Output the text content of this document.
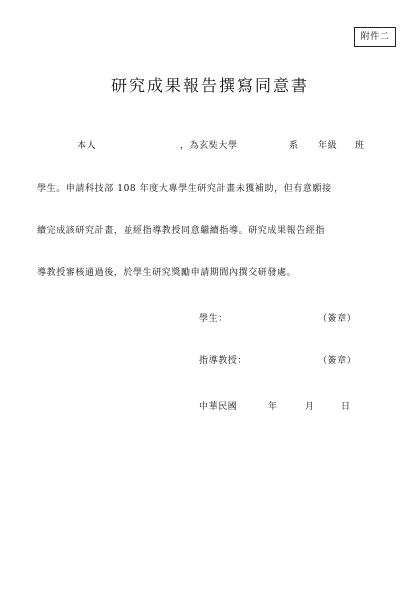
附件二
研究成果報告撰寫同意書
本人	，為玄奘大學	系 年級 班
學生。申請科技部 108 年度大專學生研究計畫未獲補助，但有意願接
續完成該研究計畫，並經指導教授同意繼續指導。研究成果報告經指
導教授審核通過後，於學生研究獎勵申請期間內撰交研發處。
學生：	（簽章）
指導教授：	（簽章）
中華民國	年	月	日
